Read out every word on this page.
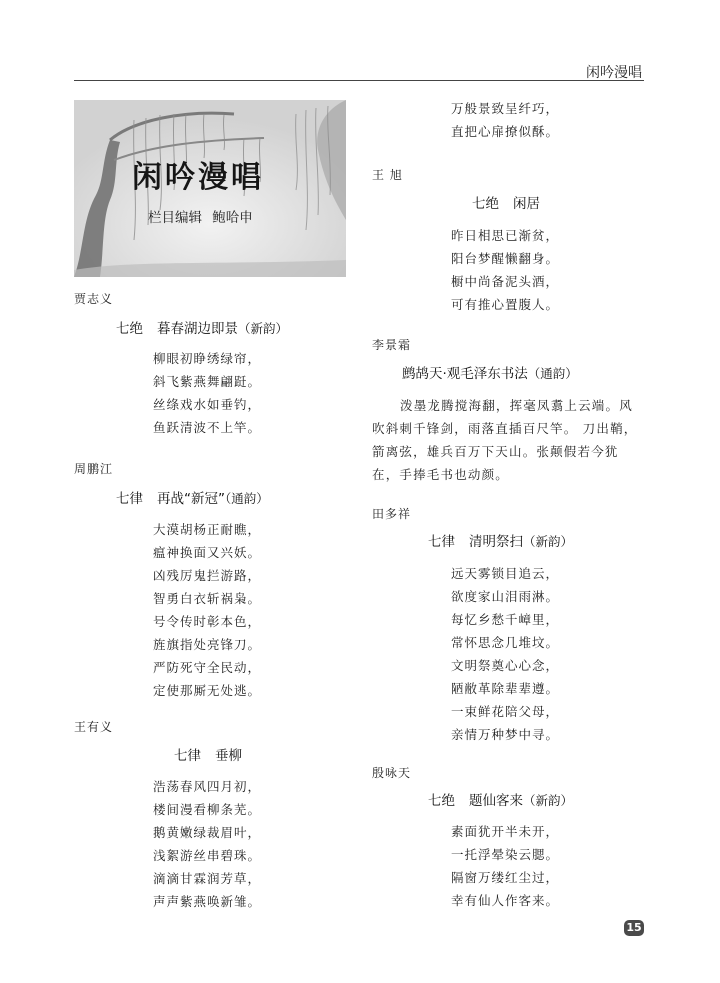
闲吟漫唱
闲吟漫唱
栏目编辑 鲍哈申
贾志义
七绝 暮春湖边即景（新韵）
柳眼初睁绣绿帘，
斜飞紫燕舞翩跹。
丝绦戏水如垂钓，
鱼跃清波不上竿。
周鹏江
七律 再战“新冠”（通韵）
大漠胡杨正耐瞧，
瘟神换面又兴妖。
凶残厉鬼拦游路，
智勇白衣斩祸枭。
号令传时彰本色，
旌旗指处亮锋刀。
严防死守全民动，
定使那厮无处逃。
王有义
七律 垂柳
浩荡春风四月初，
楼间漫看柳条芜。
鹅黄嫩绿裁眉叶，
浅絮游丝串碧珠。
滴滴甘霖润芳草，
声声紫燕唤新雏。
万般景致呈纤巧，
直把心扉撩似酥。
王 旭
七绝 闲居
昨日相思已渐贫，
阳台梦醒懒翻身。
橱中尚备泥头酒，
可有推心置腹人。
李景霜
鹧鸪天·观毛泽东书法（通韵）
泼墨龙腾搅海翻，挥毫凤翥上云端。风吹斜刺千锋剑，雨落直插百尺竿。 刀出鞘，箭离弦，雄兵百万下天山。张颠假若今犹在，手捧毛书也动颜。
田多祥
七律 清明祭扫（新韵）
远天雾锁目追云，
欲度家山泪雨淋。
每忆乡愁千嶂里，
常怀思念几堆坟。
文明祭奠心心念，
陋敝革除辈辈遵。
一束鲜花陪父母，
亲情万种梦中寻。
殷咏天
七绝 题仙客来（新韵）
素面犹开半未开，
一托浮晕染云腮。
隔窗万缕红尘过，
幸有仙人作客来。
15
